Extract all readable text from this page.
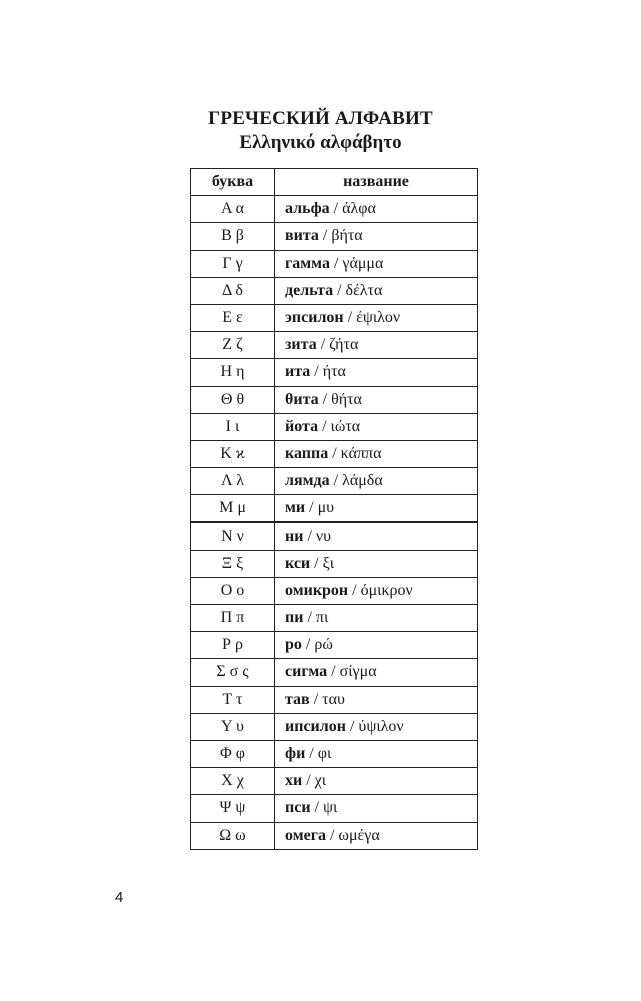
ГРЕЧЕСКИЙ АЛФАВИТ
Ελληνικό αλφάβητο
буква	название
Α α	альфа / άλφα
Β β	вита / βήτα
Γ γ	гамма / γάμμα
Δ δ	дельта / δέλτα
Ε ε	эпсилон / έψιλον
Ζ ζ	зита / ζήτα
Η η	ита / ήτα
Θ θ	θита / θήτα
Ι ι	йота / ιώτα
Κ ϰ	каппа / κάππα
Λ λ	лямда / λάμδα
Μ μ	ми / μυ
Ν ν	ни / νυ
Ξ ξ	кси / ξι
Ο ο	омикрон / όμικρον
Π π	пи / πι
Ρ ρ	ро / ρώ
Σ σ ς	сигма / σίγμα
Τ τ	тав / ταυ
Υ υ	ипсилон / ύψιλον
Φ φ	фи / φι
Χ χ	хи / χι
Ψ ψ	пси / ψι
Ω ω	омега / ωμέγα
4
